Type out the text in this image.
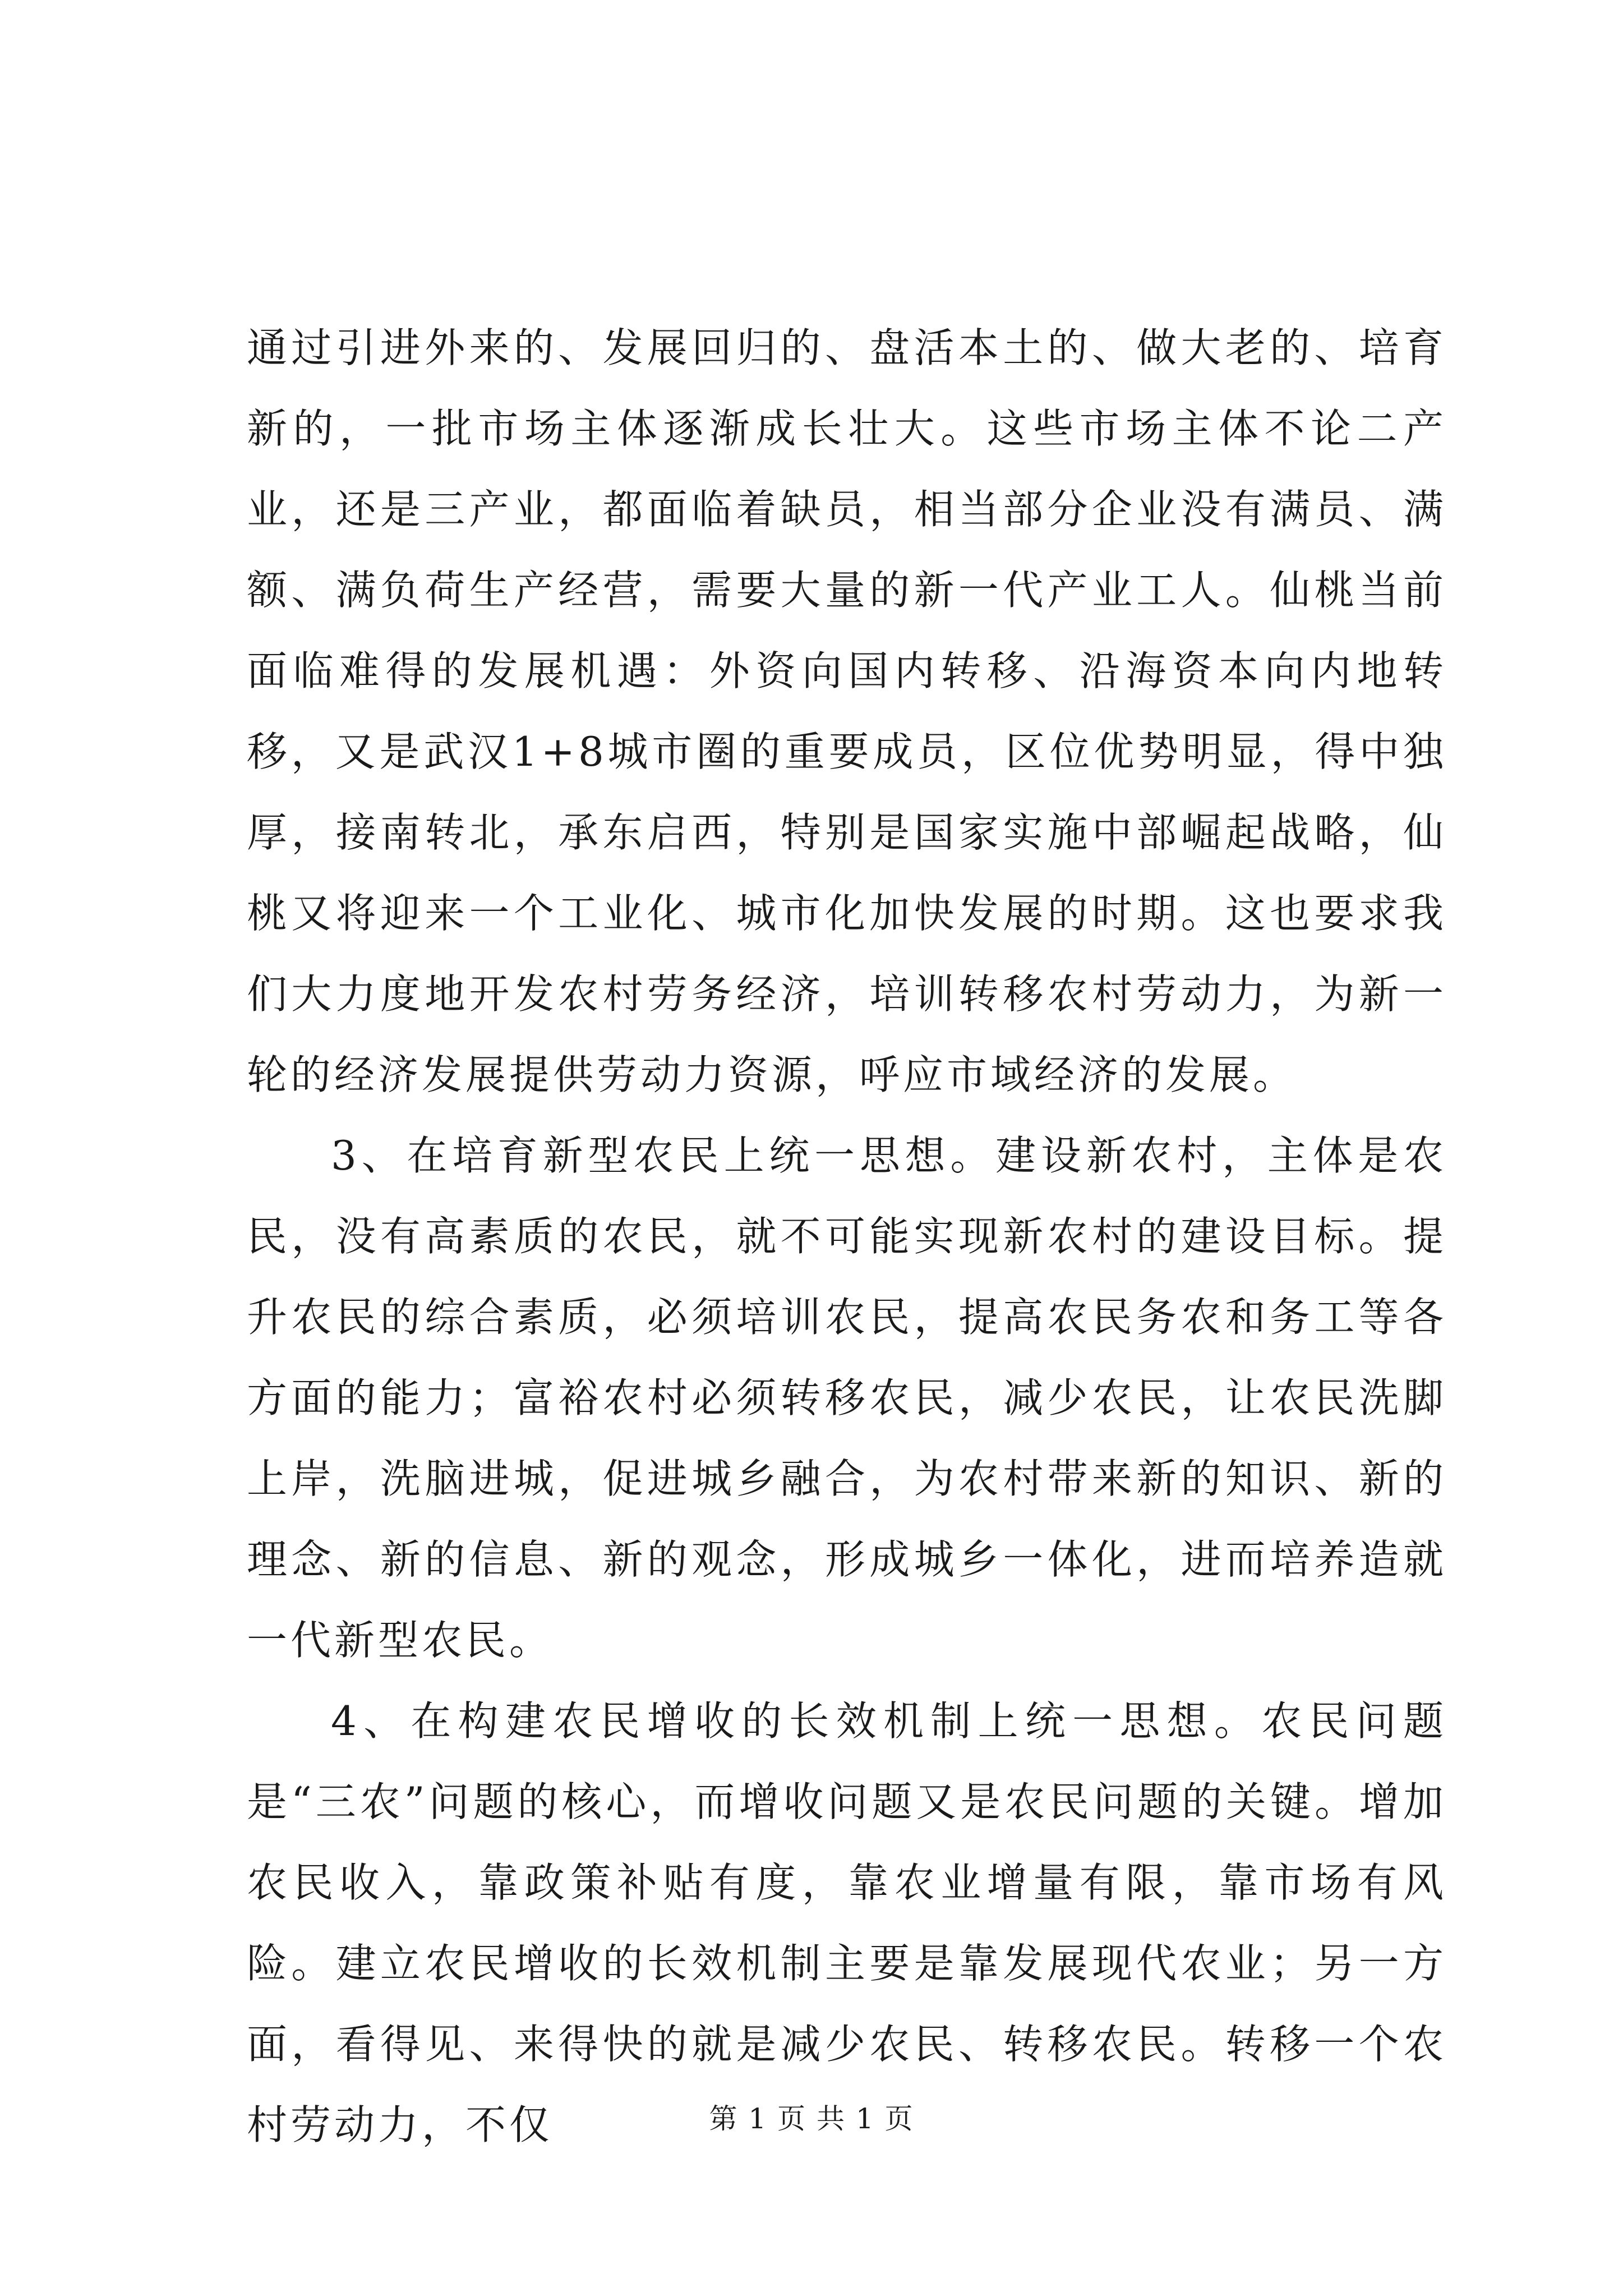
通过引进外来的、发展回归的、盘活本土的、做大老的、培育新的，一批市场主体逐渐成长壮大。这些市场主体不论二产业，还是三产业，都面临着缺员，相当部分企业没有满员、满额、满负荷生产经营，需要大量的新一代产业工人。仙桃当前面临难得的发展机遇：外资向国内转移、沿海资本向内地转移，又是武汉1+8城市圈的重要成员，区位优势明显，得中独厚，接南转北，承东启西，特别是国家实施中部崛起战略，仙桃又将迎来一个工业化、城市化加快发展的时期。这也要求我们大力度地开发农村劳务经济，培训转移农村劳动力，为新一轮的经济发展提供劳动力资源，呼应市域经济的发展。

3、在培育新型农民上统一思想。建设新农村，主体是农民，没有高素质的农民，就不可能实现新农村的建设目标。提升农民的综合素质，必须培训农民，提高农民务农和务工等各方面的能力；富裕农村必须转移农民，减少农民，让农民洗脚上岸，洗脑进城，促进城乡融合，为农村带来新的知识、新的理念、新的信息、新的观念，形成城乡一体化，进而培养造就一代新型农民。

4、在构建农民增收的长效机制上统一思想。农民问题是“三农”问题的核心，而增收问题又是农民问题的关键。增加农民收入，靠政策补贴有度，靠农业增量有限，靠市场有风险。建立农民增收的长效机制主要是靠发展现代农业；另一方面，看得见、来得快的就是减少农民、转移农民。转移一个农村劳动力，不仅	第 1 页 共 1 页
